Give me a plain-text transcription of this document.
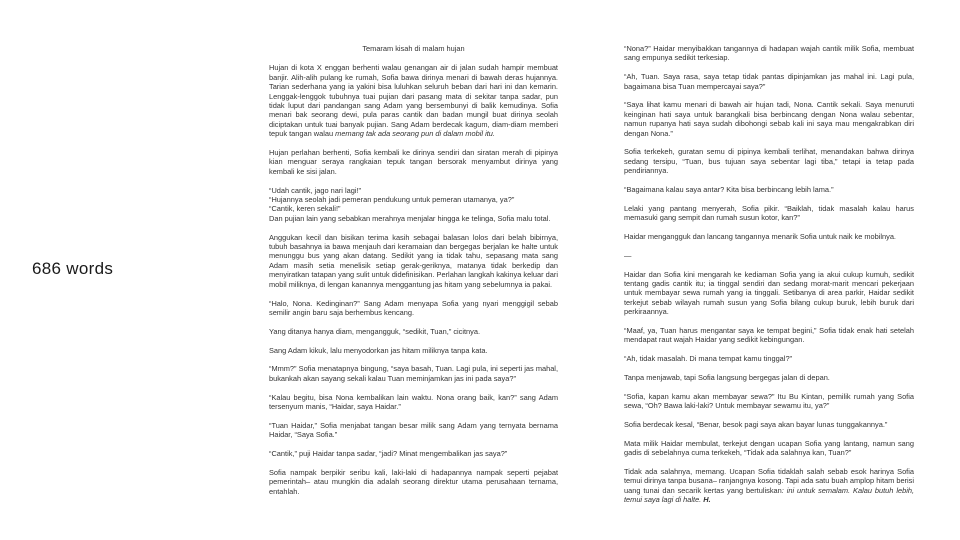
686 words
Temaram kisah di malam hujan
Hujan di kota X enggan berhenti walau genangan air di jalan sudah hampir membuat banjir. Alih-alih pulang ke rumah, Sofia bawa dirinya menari di bawah deras hujannya. Tarian sederhana yang ia yakini bisa luluhkan seluruh beban dari hari ini dan kemarin. Lenggak-lenggok tubuhnya tuai pujian dari pasang mata di sekitar tanpa sadar, pun tidak luput dari pandangan sang Adam yang bersembunyi di balik kemudinya. Sofia menari bak seorang dewi, pula paras cantik dan badan mungil buat dirinya seolah diciptakan untuk tuai banyak pujian. Sang Adam berdecak kagum, diam-diam memberi tepuk tangan walau memang tak ada seorang pun di dalam mobil itu.
Hujan perlahan berhenti, Sofia kembali ke dirinya sendiri dan siratan merah di pipinya kian menguar seraya rangkaian tepuk tangan bersorak menyambut dirinya yang kembali ke sisi jalan.
“Udah cantik, jago nari lagi!”
“Hujannya seolah jadi pemeran pendukung untuk pemeran utamanya, ya?”
“Cantik, keren sekali!”
Dan pujian lain yang sebabkan merahnya menjalar hingga ke telinga, Sofia malu total.
Anggukan kecil dan bisikan terima kasih sebagai balasan lolos dari belah bibirnya, tubuh basahnya ia bawa menjauh dari keramaian dan bergegas berjalan ke halte untuk menunggu bus yang akan datang. Sedikit yang ia tidak tahu, sepasang mata sang Adam masih setia menelisik setiap gerak-geriknya, matanya tidak berkedip dan menyiratkan tatapan yang sulit untuk didefinisikan. Perlahan langkah kakinya keluar dari mobil miliknya, di lengan kanannya menggantung jas hitam yang sebelumnya ia pakai.
“Halo, Nona. Kedinginan?” Sang Adam menyapa Sofia yang nyari menggigil sebab semilir angin baru saja berhembus kencang.
Yang ditanya hanya diam, mengangguk, “sedikit, Tuan,” cicitnya.
Sang Adam kikuk, lalu menyodorkan jas hitam miliknya tanpa kata.
“Mmm?” Sofia menatapnya bingung, “saya basah, Tuan. Lagi pula, ini seperti jas mahal, bukankah akan sayang sekali kalau Tuan meminjamkan jas ini pada saya?”
“Kalau begitu, bisa Nona kembalikan lain waktu. Nona orang baik, kan?” sang Adam tersenyum manis, “Haidar, saya Haidar.”
“Tuan Haidar,” Sofia menjabat tangan besar milik sang Adam yang ternyata bernama Haidar, “Saya Sofia.”
“Cantik,” puji Haidar tanpa sadar, “jadi? Minat mengembalikan jas saya?”
Sofia nampak berpikir seribu kali, laki-laki di hadapannya nampak seperti pejabat pemerintah– atau mungkin dia adalah seorang direktur utama perusahaan ternama, entahlah.
“Nona?” Haidar menyibakkan tangannya di hadapan wajah cantik milik Sofia, membuat sang empunya sedikit terkesiap.
“Ah, Tuan. Saya rasa, saya tetap tidak pantas dipinjamkan jas mahal ini. Lagi pula, bagaimana bisa Tuan mempercayai saya?”
“Saya lihat kamu menari di bawah air hujan tadi, Nona. Cantik sekali. Saya menuruti keinginan hati saya untuk barangkali bisa berbincang dengan Nona walau sebentar, namun rupanya hati saya sudah dibohongi sebab kali ini saya mau mengakrabkan diri dengan Nona.”
Sofia terkekeh, guratan semu di pipinya kembali terlihat, menandakan bahwa dirinya sedang tersipu, “Tuan, bus tujuan saya sebentar lagi tiba,” tetapi ia tetap pada pendiriannya.
“Bagaimana kalau saya antar? Kita bisa berbincang lebih lama.”
Lelaki yang pantang menyerah, Sofia pikir. “Baiklah, tidak masalah kalau harus memasuki gang sempit dan rumah susun kotor, kan?”
Haidar mengangguk dan lancang tangannya menarik Sofia untuk naik ke mobilnya.
—
Haidar dan Sofia kini mengarah ke kediaman Sofia yang ia akui cukup kumuh, sedikit tentang gadis cantik itu; ia tinggal sendiri dan sedang morat-marit mencari pekerjaan untuk membayar sewa rumah yang ia tinggali. Setibanya di area parkir, Haidar sedikit terkejut sebab wilayah rumah susun yang Sofia bilang cukup buruk, lebih buruk dari perkiraannya.
“Maaf, ya, Tuan harus mengantar saya ke tempat begini,” Sofia tidak enak hati setelah mendapat raut wajah Haidar yang sedikit kebingungan.
“Ah, tidak masalah. Di mana tempat kamu tinggal?”
Tanpa menjawab, tapi Sofia langsung bergegas jalan di depan.
“Sofia, kapan kamu akan membayar sewa?” Itu Bu Kintan, pemilik rumah yang Sofia sewa, “Oh? Bawa laki-laki? Untuk membayar sewamu itu, ya?”
Sofia berdecak kesal, “Benar, besok pagi saya akan bayar lunas tunggakannya.”
Mata milik Haidar membulat, terkejut dengan ucapan Sofia yang lantang, namun sang gadis di sebelahnya cuma terkekeh, “Tidak ada salahnya kan, Tuan?”
Tidak ada salahnya, memang. Ucapan Sofia tidaklah salah sebab esok harinya Sofia temui dirinya tanpa busana– ranjangnya kosong. Tapi ada satu buah amplop hitam berisi uang tunai dan secarik kertas yang bertuliskan: ini untuk semalam. Kalau butuh lebih, temui saya lagi di halte. H.
